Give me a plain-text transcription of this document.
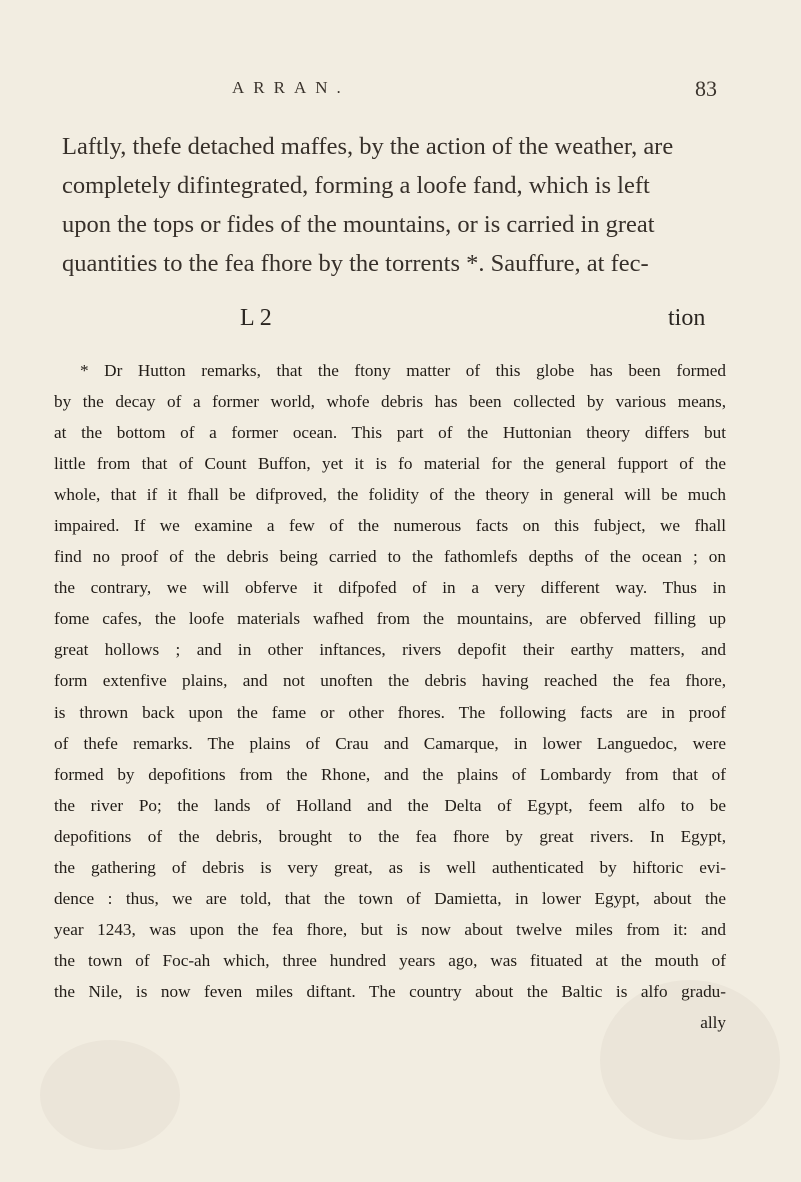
ARRAN.	83

Laftly, thefe detached maffes, by the action of the weather, are
completely difintegrated, forming a loofe fand, which is left
upon the tops or fides of the mountains, or is carried in great
quantities to the fea fhore by the torrents *. Sauffure, at fec-

L 2	tion
* Dr Hutton remarks, that the ftony matter of this globe has been formed
by the decay of a former world, whofe debris has been collected by various means,
at the bottom of a former ocean. This part of the Huttonian theory differs but
little from that of Count Buffon, yet it is fo material for the general fupport of the
whole, that if it fhall be difproved, the folidity of the theory in general will be much
impaired. If we examine a few of the numerous facts on this fubject, we fhall
find no proof of the debris being carried to the fathomlefs depths of the ocean ; on
the contrary, we will obferve it difpofed of in a very different way. Thus in
fome cafes, the loofe materials wafhed from the mountains, are obferved filling up
great hollows ; and in other inftances, rivers depofit their earthy matters, and
form extenfive plains, and not unoften the debris having reached the fea fhore,
is thrown back upon the fame or other fhores. The following facts are in proof
of thefe remarks. The plains of Crau and Camarque, in lower Languedoc, were
formed by depofitions from the Rhone, and the plains of Lombardy from that of
the river Po; the lands of Holland and the Delta of Egypt, feem alfo to be
depofitions of the debris, brought to the fea fhore by great rivers. In Egypt,
the gathering of debris is very great, as is well authenticated by hiftoric evi-
dence : thus, we are told, that the town of Damietta, in lower Egypt, about the
year 1243, was upon the fea fhore, but is now about twelve miles from it: and
the town of Foc-ah which, three hundred years ago, was fituated at the mouth of
the Nile, is now feven miles diftant. The country about the Baltic is alfo gradu-
ally
